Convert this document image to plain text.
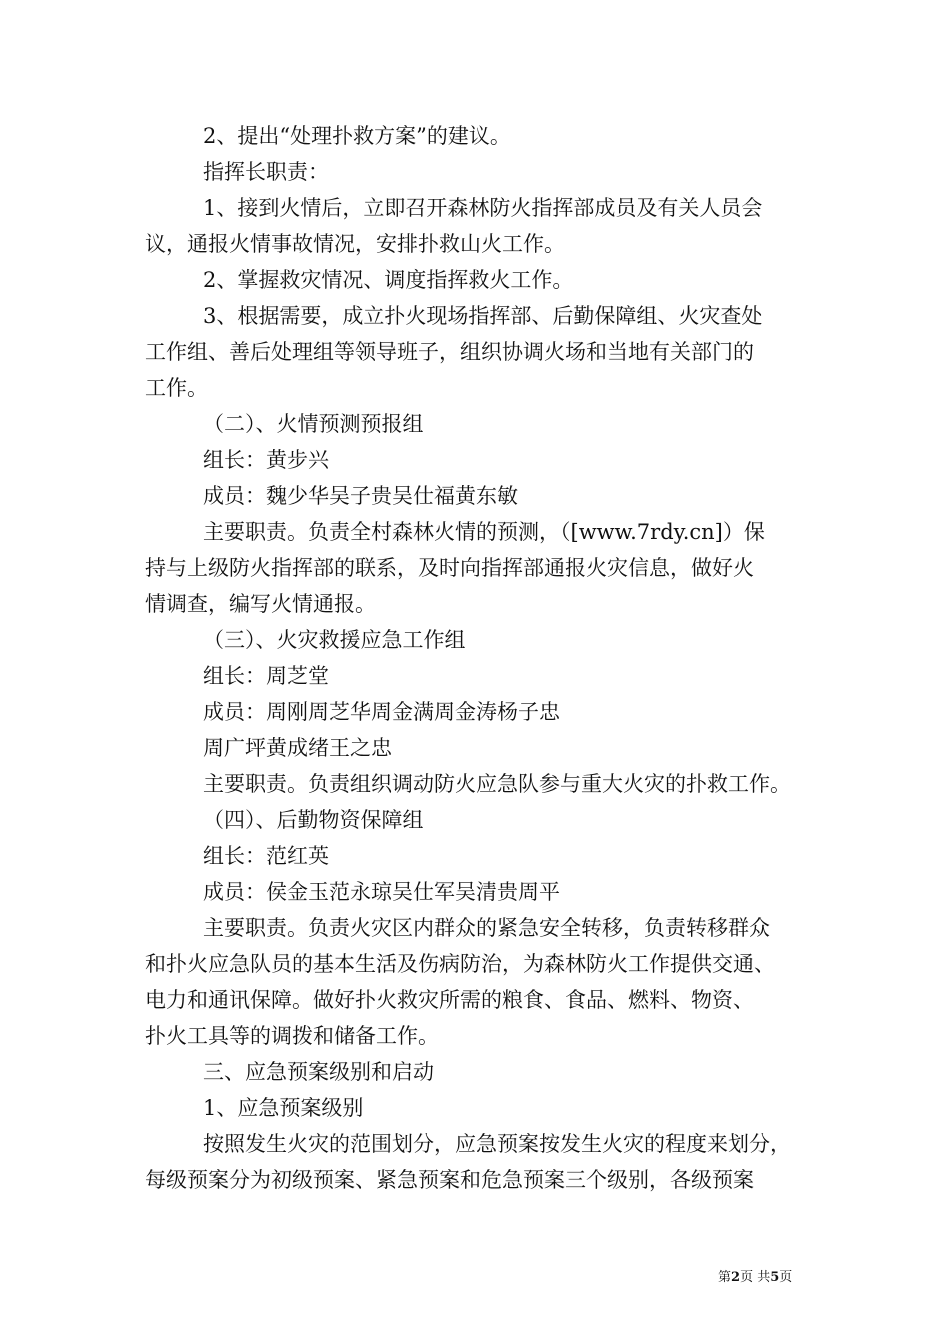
2、提出“处理扑救方案”的建议。

指挥长职责：

1、接到火情后，立即召开森林防火指挥部成员及有关人员会

议，通报火情事故情况，安排扑救山火工作。

2、掌握救灾情况、调度指挥救火工作。

3、根据需要，成立扑火现场指挥部、后勤保障组、火灾查处

工作组、善后处理组等领导班子，组织协调火场和当地有关部门的

工作。

（二）、火情预测预报组

组长：黄步兴

成员：魏少华吴子贵吴仕福黄东敏

主要职责。负责全村森林火情的预测，（[www.7rdy.cn]）保

持与上级防火指挥部的联系，及时向指挥部通报火灾信息，做好火

情调查，编写火情通报。

（三）、火灾救援应急工作组

组长：周芝堂

成员：周刚周芝华周金满周金涛杨子忠

周广坪黄成绪王之忠

主要职责。负责组织调动防火应急队参与重大火灾的扑救工作。

（四）、后勤物资保障组

组长：范红英

成员：侯金玉范永琼吴仕军吴清贵周平

主要职责。负责火灾区内群众的紧急安全转移，负责转移群众

和扑火应急队员的基本生活及伤病防治，为森林防火工作提供交通、

电力和通讯保障。做好扑火救灾所需的粮食、食品、燃料、物资、

扑火工具等的调拨和储备工作。

三、应急预案级别和启动

1、应急预案级别

按照发生火灾的范围划分，应急预案按发生火灾的程度来划分，

每级预案分为初级预案、紧急预案和危急预案三个级别，各级预案

第2页 共5页
